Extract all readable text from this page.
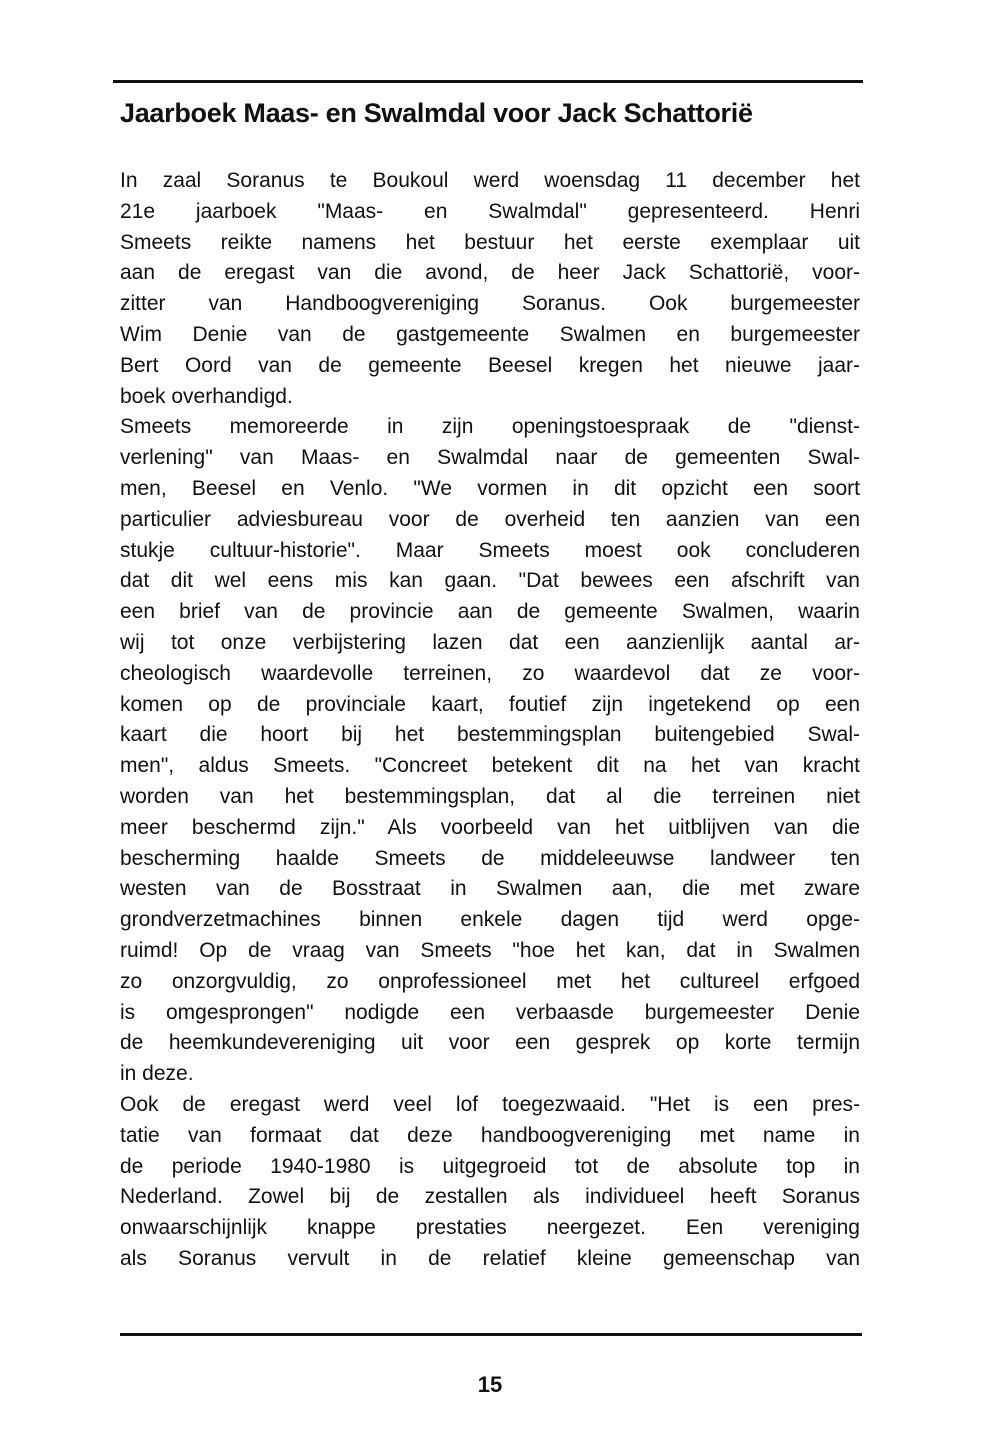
Jaarboek Maas- en Swalmdal voor Jack Schattorië
In zaal Soranus te Boukoul werd woensdag 11 december het
21e jaarboek "Maas- en Swalmdal" gepresenteerd. Henri
Smeets reikte namens het bestuur het eerste exemplaar uit
aan de eregast van die avond, de heer Jack Schattorië, voor-
zitter van Handboogvereniging Soranus. Ook burgemeester
Wim Denie van de gastgemeente Swalmen en burgemeester
Bert Oord van de gemeente Beesel kregen het nieuwe jaar-
boek overhandigd.
Smeets memoreerde in zijn openingstoespraak de "dienst-
verlening" van Maas- en Swalmdal naar de gemeenten Swal-
men, Beesel en Venlo. "We vormen in dit opzicht een soort
particulier adviesbureau voor de overheid ten aanzien van een
stukje cultuur-historie". Maar Smeets moest ook concluderen
dat dit wel eens mis kan gaan. "Dat bewees een afschrift van
een brief van de provincie aan de gemeente Swalmen, waarin
wij tot onze verbijstering lazen dat een aanzienlijk aantal ar-
cheologisch waardevolle terreinen, zo waardevol dat ze voor-
komen op de provinciale kaart, foutief zijn ingetekend op een
kaart die hoort bij het bestemmingsplan buitengebied Swal-
men", aldus Smeets. "Concreet betekent dit na het van kracht
worden van het bestemmingsplan, dat al die terreinen niet
meer beschermd zijn." Als voorbeeld van het uitblijven van die
bescherming haalde Smeets de middeleeuwse landweer ten
westen van de Bosstraat in Swalmen aan, die met zware
grondverzetmachines binnen enkele dagen tijd werd opge-
ruimd! Op de vraag van Smeets "hoe het kan, dat in Swalmen
zo onzorgvuldig, zo onprofessioneel met het cultureel erfgoed
is omgesprongen" nodigde een verbaasde burgemeester Denie
de heemkundevereniging uit voor een gesprek op korte termijn
in deze.
Ook de eregast werd veel lof toegezwaaid. "Het is een pres-
tatie van formaat dat deze handboogvereniging met name in
de periode 1940-1980 is uitgegroeid tot de absolute top in
Nederland. Zowel bij de zestallen als individueel heeft Soranus
onwaarschijnlijk knappe prestaties neergezet. Een vereniging
als Soranus vervult in de relatief kleine gemeenschap van
15
